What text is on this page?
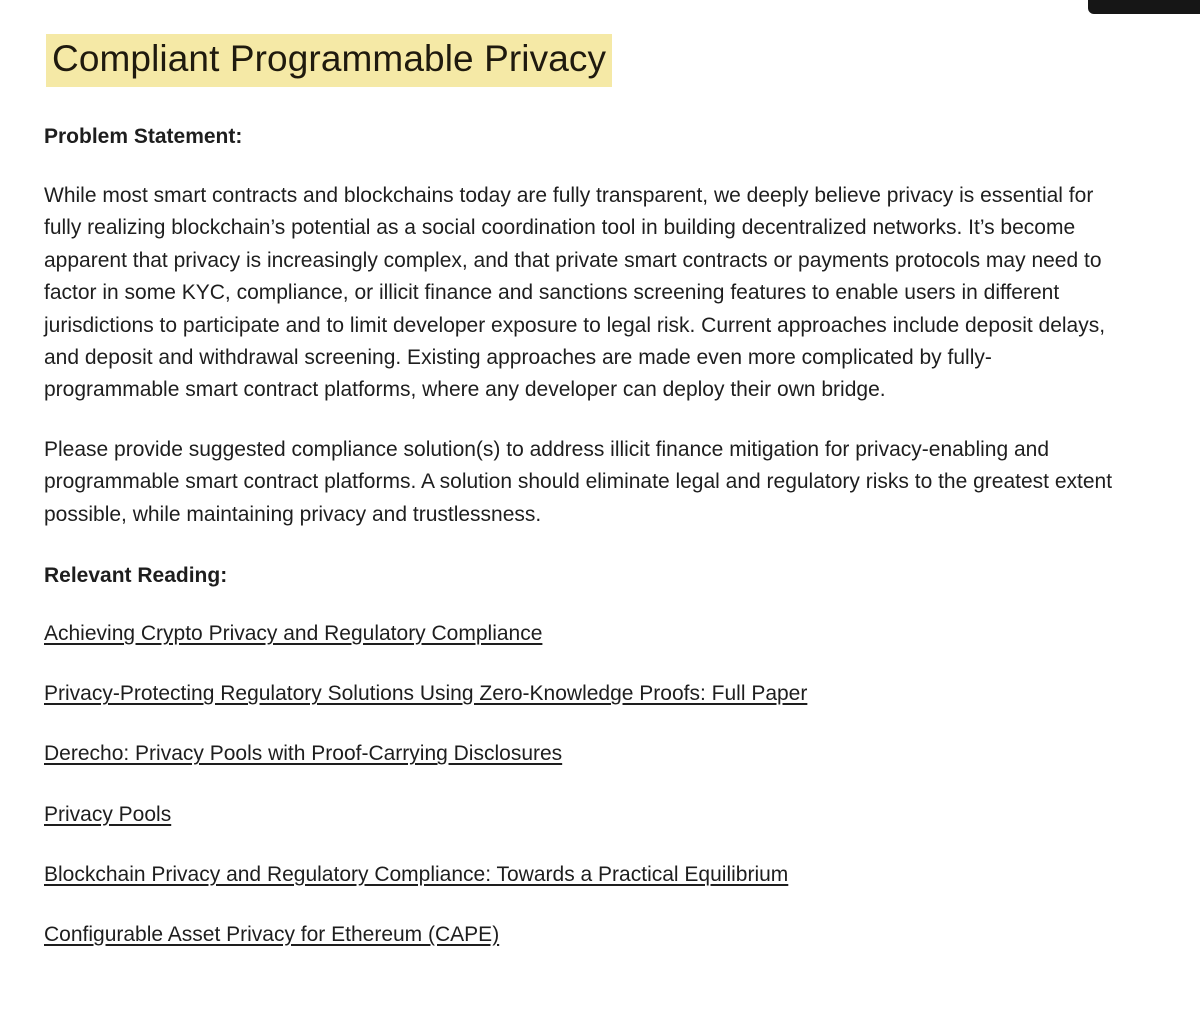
Compliant Programmable Privacy
Problem Statement:

While most smart contracts and blockchains today are fully transparent, we deeply believe privacy is essential for fully realizing blockchain’s potential as a social coordination tool in building decentralized networks. It’s become apparent that privacy is increasingly complex, and that private smart contracts or payments protocols may need to factor in some KYC, compliance, or illicit finance and sanctions screening features to enable users in different jurisdictions to participate and to limit developer exposure to legal risk. Current approaches include deposit delays, and deposit and withdrawal screening. Existing approaches are made even more complicated by fully-programmable smart contract platforms, where any developer can deploy their own bridge.

Please provide suggested compliance solution(s) to address illicit finance mitigation for privacy-enabling and programmable smart contract platforms. A solution should eliminate legal and regulatory risks to the greatest extent possible, while maintaining privacy and trustlessness.

Relevant Reading:
Achieving Crypto Privacy and Regulatory Compliance
Privacy-Protecting Regulatory Solutions Using Zero-Knowledge Proofs: Full Paper
Derecho: Privacy Pools with Proof-Carrying Disclosures
Privacy Pools
Blockchain Privacy and Regulatory Compliance: Towards a Practical Equilibrium
Configurable Asset Privacy for Ethereum (CAPE)
